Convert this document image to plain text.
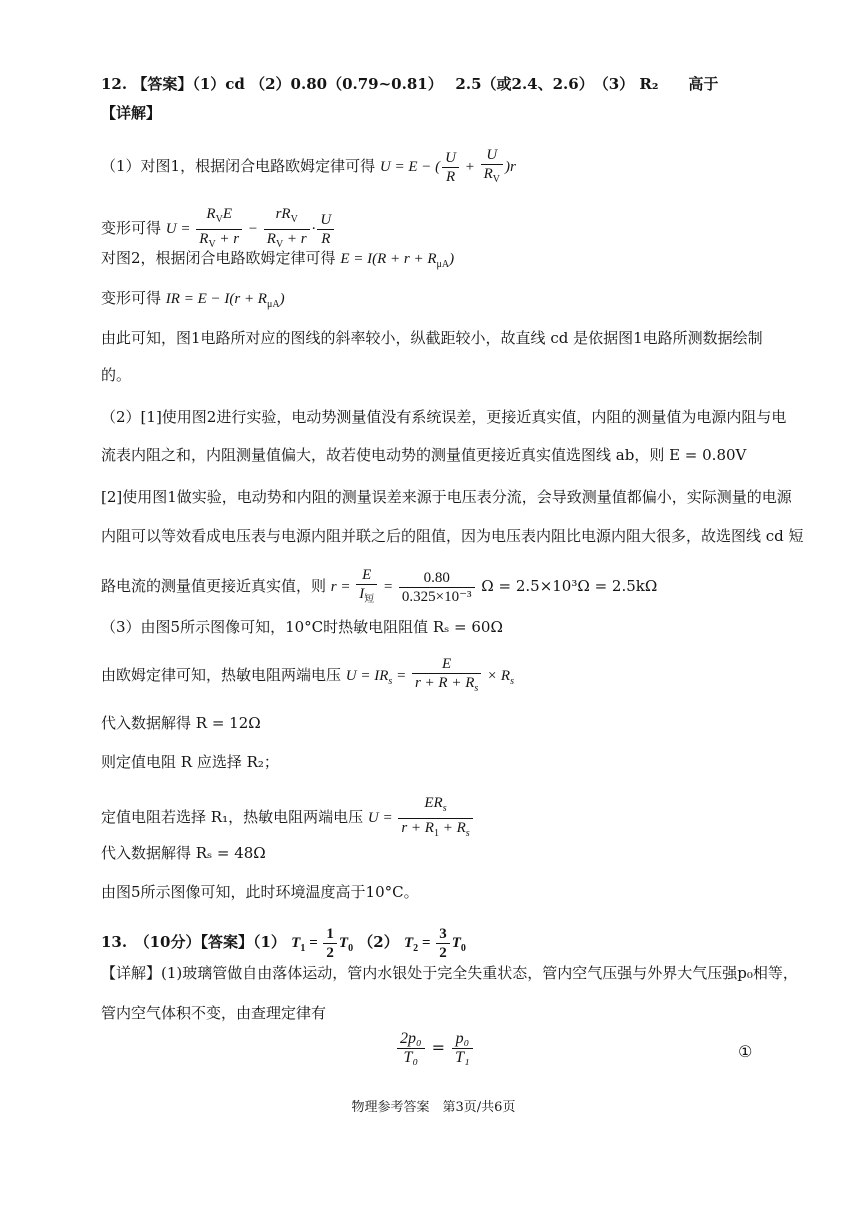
12. 【答案】（1）cd （2）0.80（0.79~0.81）　 2.5（或2.4、2.6）　（3） R₂　　高于
【详解】
（1）对图1，根据闭合电路欧姆定律可得 U = E − ( $\frac{U}{R} + \frac{U}{R_V} )r$
变形可得 $U = \frac{R_VE}{R_V + r} - \frac{rR_V}{R_V + r} \cdot \frac{U}{R}$
对图2，根据闭合电路欧姆定律可得 $E = I(R + r + R_{\mu A})$
变形可得 IR = $E - I(r + R_{\mu A})$
由此可知，图1电路所对应的图线的斜率较小，纵截距较小，故直线 cd 是依据图1电路所测数据绘制
的。
（2）[1]使用图2进行实验，电动势测量值没有系统误差，更接近真实值，内阻的测量值为电源内阻与电
流表内阻之和，内阻测量值偏大，故若使电动势的测量值更接近真实值选图线 ab，则 E = 0.80V
[2]使用图1做实验，电动势和内阻的测量误差来源于电压表分流，会导致测量值都偏小，实际测量的电源
内阻可以等效看成电压表与电源内阻并联之后的阻值，因为电压表内阻比电源内阻大很多，故选图线 cd 短
路电流的测量值更接近真实值，则 $r = \frac{E}{I_短} = \frac{0.80}{\text{0.325×10⁻³}}$ Ω = 2.5×10³Ω = 2.5kΩ
（3）由图5所示图像可知，10°C时热敏电阻阻值 Rₛ = 60Ω
由欧姆定律可知，热敏电阻两端电压 $U = IR_s = \frac{E}{r + R + R_s} \times R_s$
代入数据解得 R = 12Ω
则定值电阻 R 应选择 R₂；
定值电阻若选择 R₁，热敏电阻两端电压 $U = \frac{ER_s}{r + R_1 + R_s}$
代入数据解得 Rₛ = 48Ω
由图5所示图像可知，此时环境温度高于10°C。
13.　（10分）【答案】（1） $T_1 = \frac{1}{2} T_0$ （2） $T_2 = \frac{3}{2} T_0$
【详解】(1)玻璃管做自由落体运动，管内水银处于完全失重状态，管内空气压强与外界大气压强p₀相等，
管内空气体积不变，由查理定律有
$\frac{\text{2p₀}}{\text{T₀}} = \frac{\text{p₀}}{\text{T₁}}$	①
物理参考答案　第3页/共6页
